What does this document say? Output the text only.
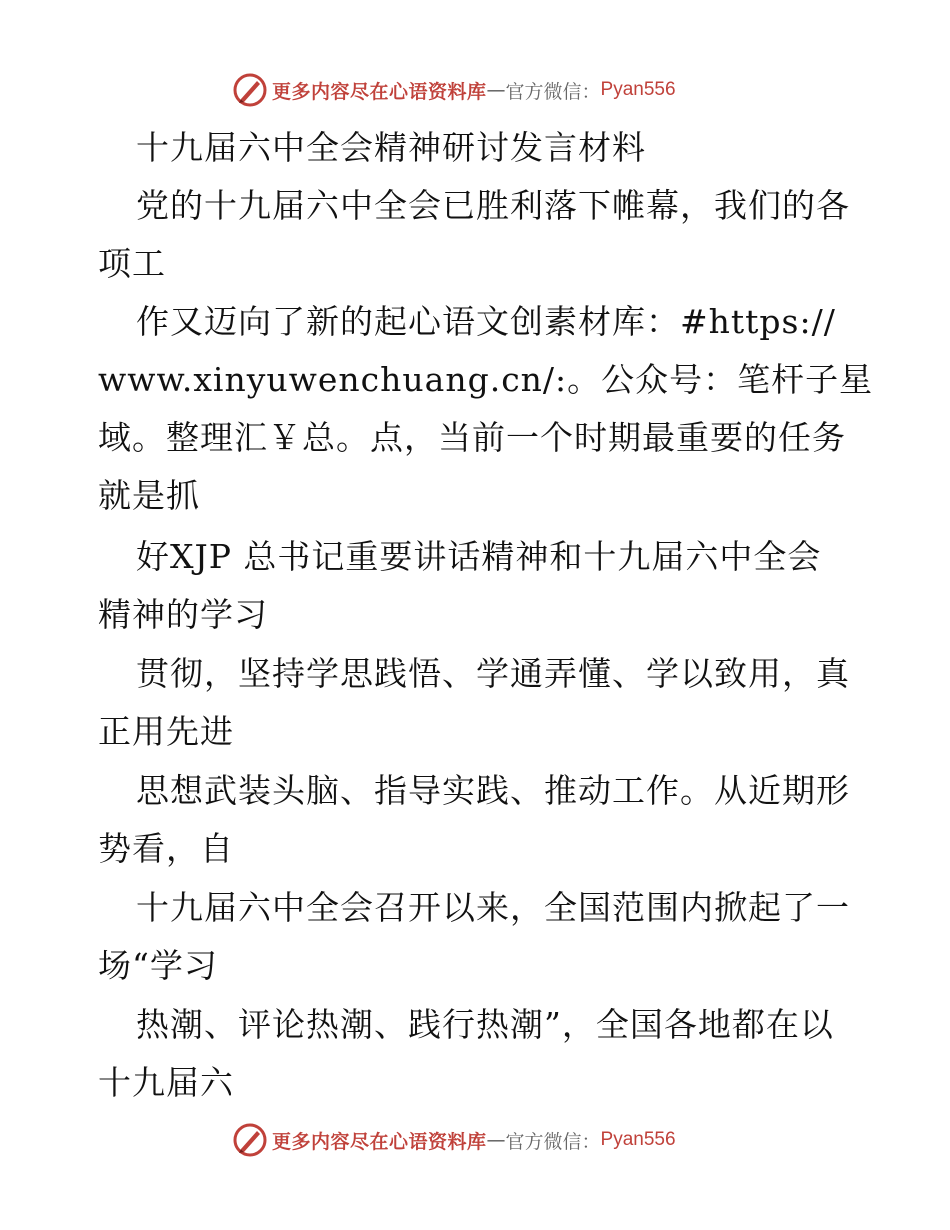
更多内容尽在心语资料库 — 官方微信： Pyan556
十九届六中全会精神研讨发言材料
党的十九届六中全会已胜利落下帷幕，我们的各
项工
作又迈向了新的起心语文创素材库：#https://
www.xinyuwenchuang.cn/:。公众号：笔杆子星
域。整理汇￥总。点，当前一个时期最重要的任务
就是抓
好XJP 总书记重要讲话精神和十九届六中全会
精神的学习
贯彻，坚持学思践悟、学通弄懂、学以致用，真
正用先进
思想武装头脑、指导实践、推动工作。从近期形
势看，自
十九届六中全会召开以来，全国范围内掀起了一
场“学习
热潮、评论热潮、践行热潮”，全国各地都在以
十九届六
更多内容尽在心语资料库 — 官方微信： Pyan556
